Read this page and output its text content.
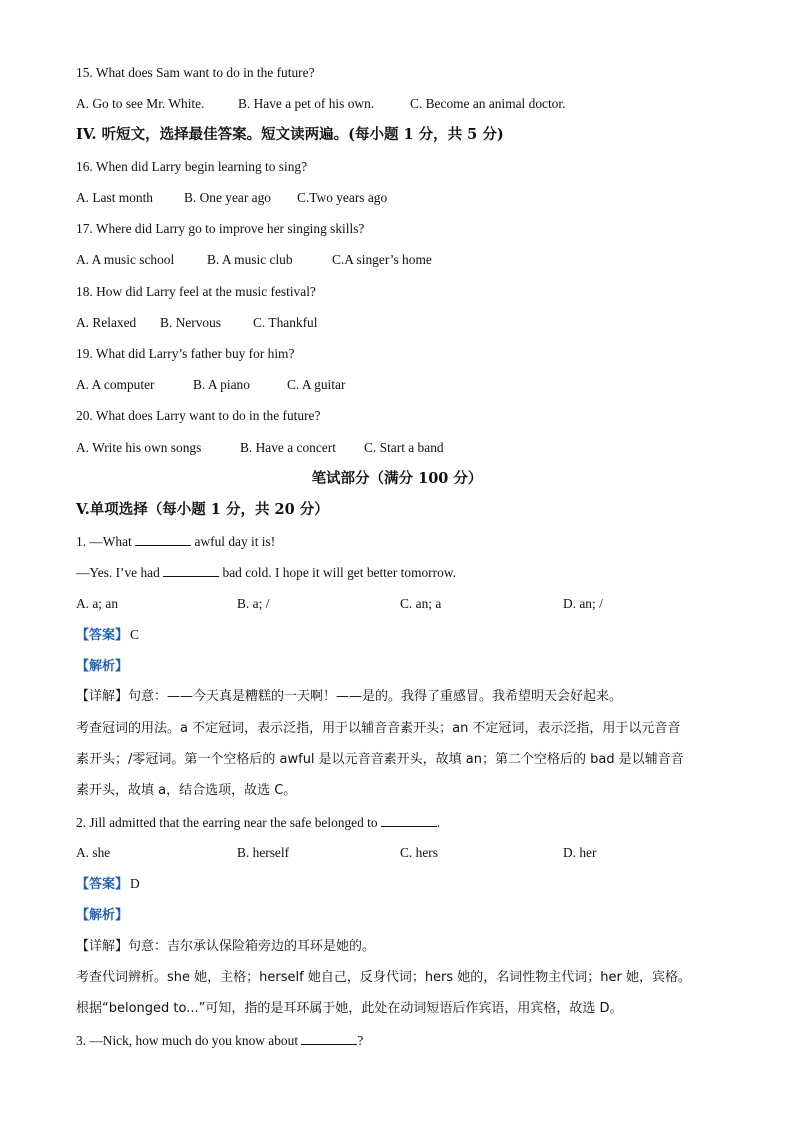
15. What does Sam want to do in the future?
A. Go to see Mr. White.	B. Have a pet of his own.	C. Become an animal doctor.
IV. 听短文，选择最佳答案。短文读两遍。(每小题 1 分，共 5 分)
16. When did Larry begin learning to sing?
A. Last month B. One year ago C.Two years ago
17. Where did Larry go to improve her singing skills?
A. A music school B. A music club	C.A singer’s home
18. How did Larry feel at the music festival?
A. Relaxed B. Nervous C. Thankful
19. What did Larry’s father buy for him?
A. A computer	B. A piano	C. A guitar
20. What does Larry want to do in the future?
A. Write his own songs	B. Have a concert C. Start a band
笔试部分（满分 100 分）
V.单项选择（每小题 1 分，共 20 分）
1. —What	awful day it is!
—Yes. I’ve had	bad cold. I hope it will get better tomorrow.
A. a; an	B. a; /	C. an; a	D. an; /
【答案】 C
【解析】
【详解】句意：——今天真是糟糕的一天啊！——是的。我得了重感冒。我希望明天会好起来。
考查冠词的用法。a 不定冠词，表示泛指，用于以辅音音素开头；an 不定冠词，表示泛指，用于以元音音
素开头；/零冠词。第一个空格后的 awful 是以元音音素开头，故填 an；第二个空格后的 bad 是以辅音音
素开头，故填 a，结合选项，故选 C。
2. Jill admitted that the earring near the safe belonged to	.
A. she	B. herself	C. hers	D. her
【答案】 D
【解析】
【详解】句意：吉尔承认保险箱旁边的耳环是她的。
考查代词辨析。she 她，主格；herself 她自己，反身代词；hers 她的，名词性物主代词；her 她，宾格。
根据“belonged to...”可知，指的是耳环属于她，此处在动词短语后作宾语，用宾格，故选 D。
3. —Nick, how much do you know about	?
